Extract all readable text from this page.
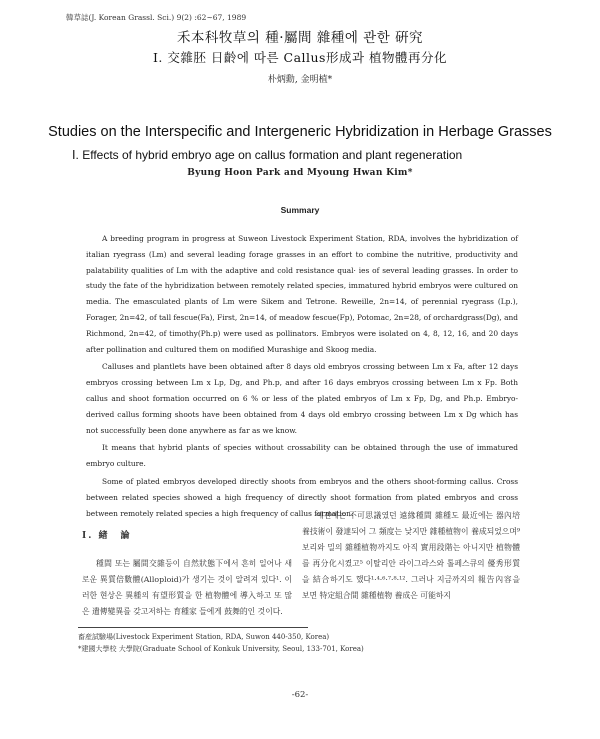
韓草誌(J. Korean Grassl. Sci.) 9(2) :62~67, 1989
禾本科牧草의 種·屬間 雜種에 관한 硏究
Ⅰ. 交雜胚 日齡에 따른 Callus形成과 植物體再分化
朴炳勳, 金明植*
Studies on the Interspecific and Intergeneric Hybridization in Herbage Grasses
Ⅰ. Effects of hybrid embryo age on callus formation and plant regeneration
Byung Hoon Park and Myoung Hwan Kim*
Summary

A breeding program in progress at Suweon Livestock Experiment Station, RDA, involves the hybridization of italian ryegrass (Lm) and several leading forage grasses in an effort to combine the nutritive, productivity and palatability qualities of Lm with the adaptive and cold resistance qual· ies of several leading grasses. In order to study the fate of the hybridization between remotely related species, immatured hybrid embryos were cultured on media. The emasculated plants of Lm were Sikem and Tetrone. Reweille, 2n=14, of perennial ryegrass (Lp.), Forager, 2n=42, of tall fescue(Fa), First, 2n=14, of meadow fescue(Fp), Potomac, 2n=28, of orchardgrass(Dg), and Richmond, 2n=42, of timothy(Ph.p) were used as pollinators. Embryos were isolated on 4, 8, 12, 16, and 20 days after pollination and cultured them on modified Murashige and Skoog media.

Calluses and plantlets have been obtained after 8 days old embryos crossing between Lm x Fa, after 12 days embryos crossing between Lm x Lp, Dg, and Ph.p, and after 16 days embryos crossing between Lm x Fp. Both callus and shoot formation occurred on 6 % or less of the plated embryos of Lm x Fp, Dg, and Ph.p. Embryo-derived callus forming shoots have been obtained from 4 days old embryo crossing between Lm x Dg which has not successfully been done anywhere as far as we know.

It means that hybrid plants of species without crossability can be obtained through the use of immatured embryo culture.

Some of plated embryos developed directly shoots from embryos and the others shoot-forming callus. Cross between related species showed a high frequency of directly shoot formation from plated embryos and cross between remotely related species a high frequency of callus formation.

Ⅰ. 緖　論

種間 또는 屬間交雜등이 自然狀態下에서 흔히 일어나 새로운 異質倍數體(Alloploid)가 생기는 것이 알려져 있다¹. 이러한 현상은 異種의 有望形質을 한 植物體에 導入하고 또 많은 遺傳變異를 갖고저하는 育種家 들에게 鼓舞的인 것이다.

예전에는 不可思議였던 遠緣種間 雜種도 最近에는 器內培養技術이 發達되어 그 頻度는 낮지만 雜種植物이 養成되었으며⁹ 보리와 밀의 雜種植物까지도 아직 實用段階는 아니지만 植物體를 再分化시켰고⁵ 이탈리안 라이그라스와 톨페스큐의 優秀形質을 結合하기도 했다¹·⁴·⁶·⁷·⁸·¹². 그러나 지금까지의 報告內容을 보면 特定組合間 雜種植物 養成은 可能하지

畜産試驗場(Livestock Experiment Station, RDA, Suwon 440-350, Korea)
*建國大學校 大學院(Graduate School of Konkuk University, Seoul, 133-701, Korea)
-62-
